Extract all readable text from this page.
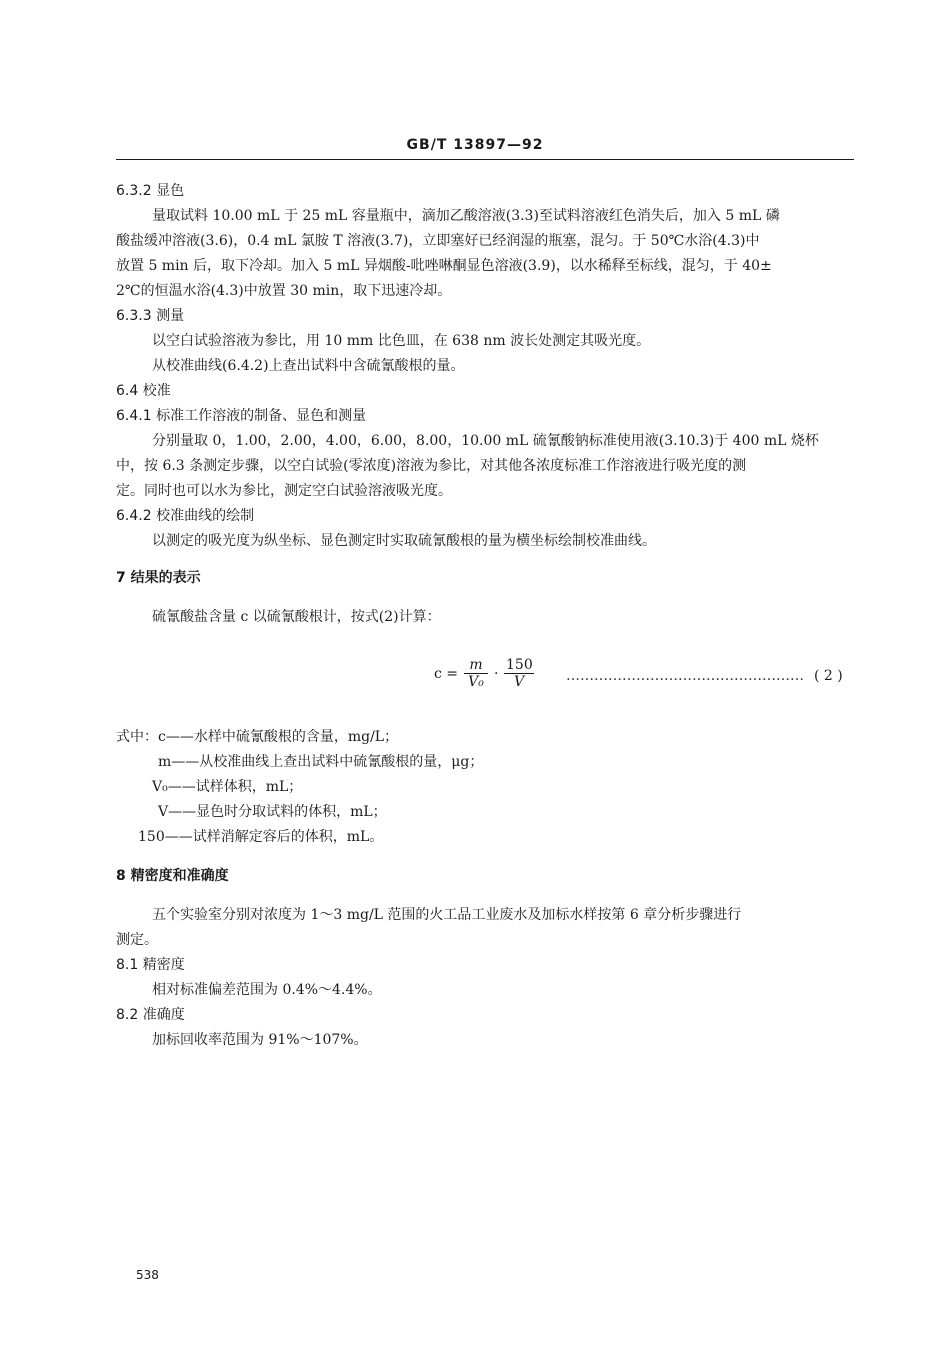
GB/T 13897—92
6.3.2 显色
量取试料 10.00 mL 于 25 mL 容量瓶中，滴加乙酸溶液(3.3)至试料溶液红色消失后，加入 5 mL 磷
酸盐缓冲溶液(3.6)，0.4 mL 氯胺 T 溶液(3.7)，立即塞好已经润湿的瓶塞，混匀。于 50℃水浴(4.3)中
放置 5 min 后，取下冷却。加入 5 mL 异烟酸-吡唑啉酮显色溶液(3.9)，以水稀释至标线，混匀，于 40±
2℃的恒温水浴(4.3)中放置 30 min，取下迅速冷却。
6.3.3 测量
以空白试验溶液为参比，用 10 mm 比色皿，在 638 nm 波长处测定其吸光度。
从校准曲线(6.4.2)上查出试料中含硫氰酸根的量。
6.4 校准
6.4.1 标准工作溶液的制备、显色和测量
分别量取 0，1.00，2.00，4.00，6.00，8.00，10.00 mL 硫氰酸钠标准使用液(3.10.3)于 400 mL 烧杯
中，按 6.3 条测定步骤，以空白试验(零浓度)溶液为参比，对其他各浓度标准工作溶液进行吸光度的测
定。同时也可以水为参比，测定空白试验溶液吸光度。
6.4.2 校准曲线的绘制
以测定的吸光度为纵坐标、显色测定时实取硫氰酸根的量为横坐标绘制校准曲线。
7 结果的表示
硫氰酸盐含量 c 以硫氰酸根计，按式(2)计算：
c =
m
V₀ ·
150
V	…………………………………………… ( 2 )
式中：c——水样中硫氰酸根的含量，mg/L；
m——从校准曲线上查出试料中硫氰酸根的量，μg；
V₀——试样体积，mL；
V——显色时分取试料的体积，mL；
150——试样消解定容后的体积，mL。
8 精密度和准确度
五个实验室分别对浓度为 1～3 mg/L 范围的火工品工业废水及加标水样按第 6 章分析步骤进行
测定。
8.1 精密度
相对标准偏差范围为 0.4%～4.4%。
8.2 准确度
加标回收率范围为 91%～107%。
538
